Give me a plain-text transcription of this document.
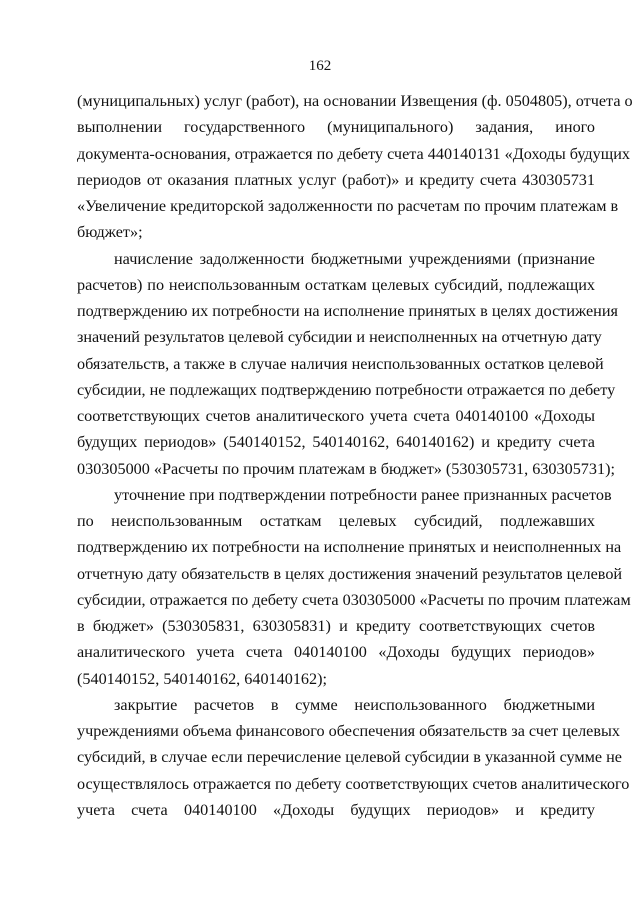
162
(муниципальных) услуг (работ), на основании Извещения (ф. 0504805), отчета о
выполнении государственного (муниципального) задания, иного
документа-основания, отражается по дебету счета 440140131 «Доходы будущих
периодов от оказания платных услуг (работ)» и кредиту счета 430305731
«Увеличение кредиторской задолженности по расчетам по прочим платежам в
бюджет»;
начисление задолженности бюджетными учреждениями (признание
расчетов) по неиспользованным остаткам целевых субсидий, подлежащих
подтверждению их потребности на исполнение принятых в целях достижения
значений результатов целевой субсидии и неисполненных на отчетную дату
обязательств, а также в случае наличия неиспользованных остатков целевой
субсидии, не подлежащих подтверждению потребности отражается по дебету
соответствующих счетов аналитического учета счета 040140100 «Доходы
будущих периодов» (540140152, 540140162, 640140162) и кредиту счета
030305000 «Расчеты по прочим платежам в бюджет» (530305731, 630305731);
уточнение при подтверждении потребности ранее признанных расчетов
по неиспользованным остаткам целевых субсидий, подлежавших
подтверждению их потребности на исполнение принятых и неисполненных на
отчетную дату обязательств в целях достижения значений результатов целевой
субсидии, отражается по дебету счета 030305000 «Расчеты по прочим платежам
в бюджет» (530305831, 630305831) и кредиту соответствующих счетов
аналитического учета счета 040140100 «Доходы будущих периодов»
(540140152, 540140162, 640140162);
закрытие расчетов в сумме неиспользованного бюджетными
учреждениями объема финансового обеспечения обязательств за счет целевых
субсидий, в случае если перечисление целевой субсидии в указанной сумме не
осуществлялось отражается по дебету соответствующих счетов аналитического
учета счета 040140100 «Доходы будущих периодов» и кредиту
